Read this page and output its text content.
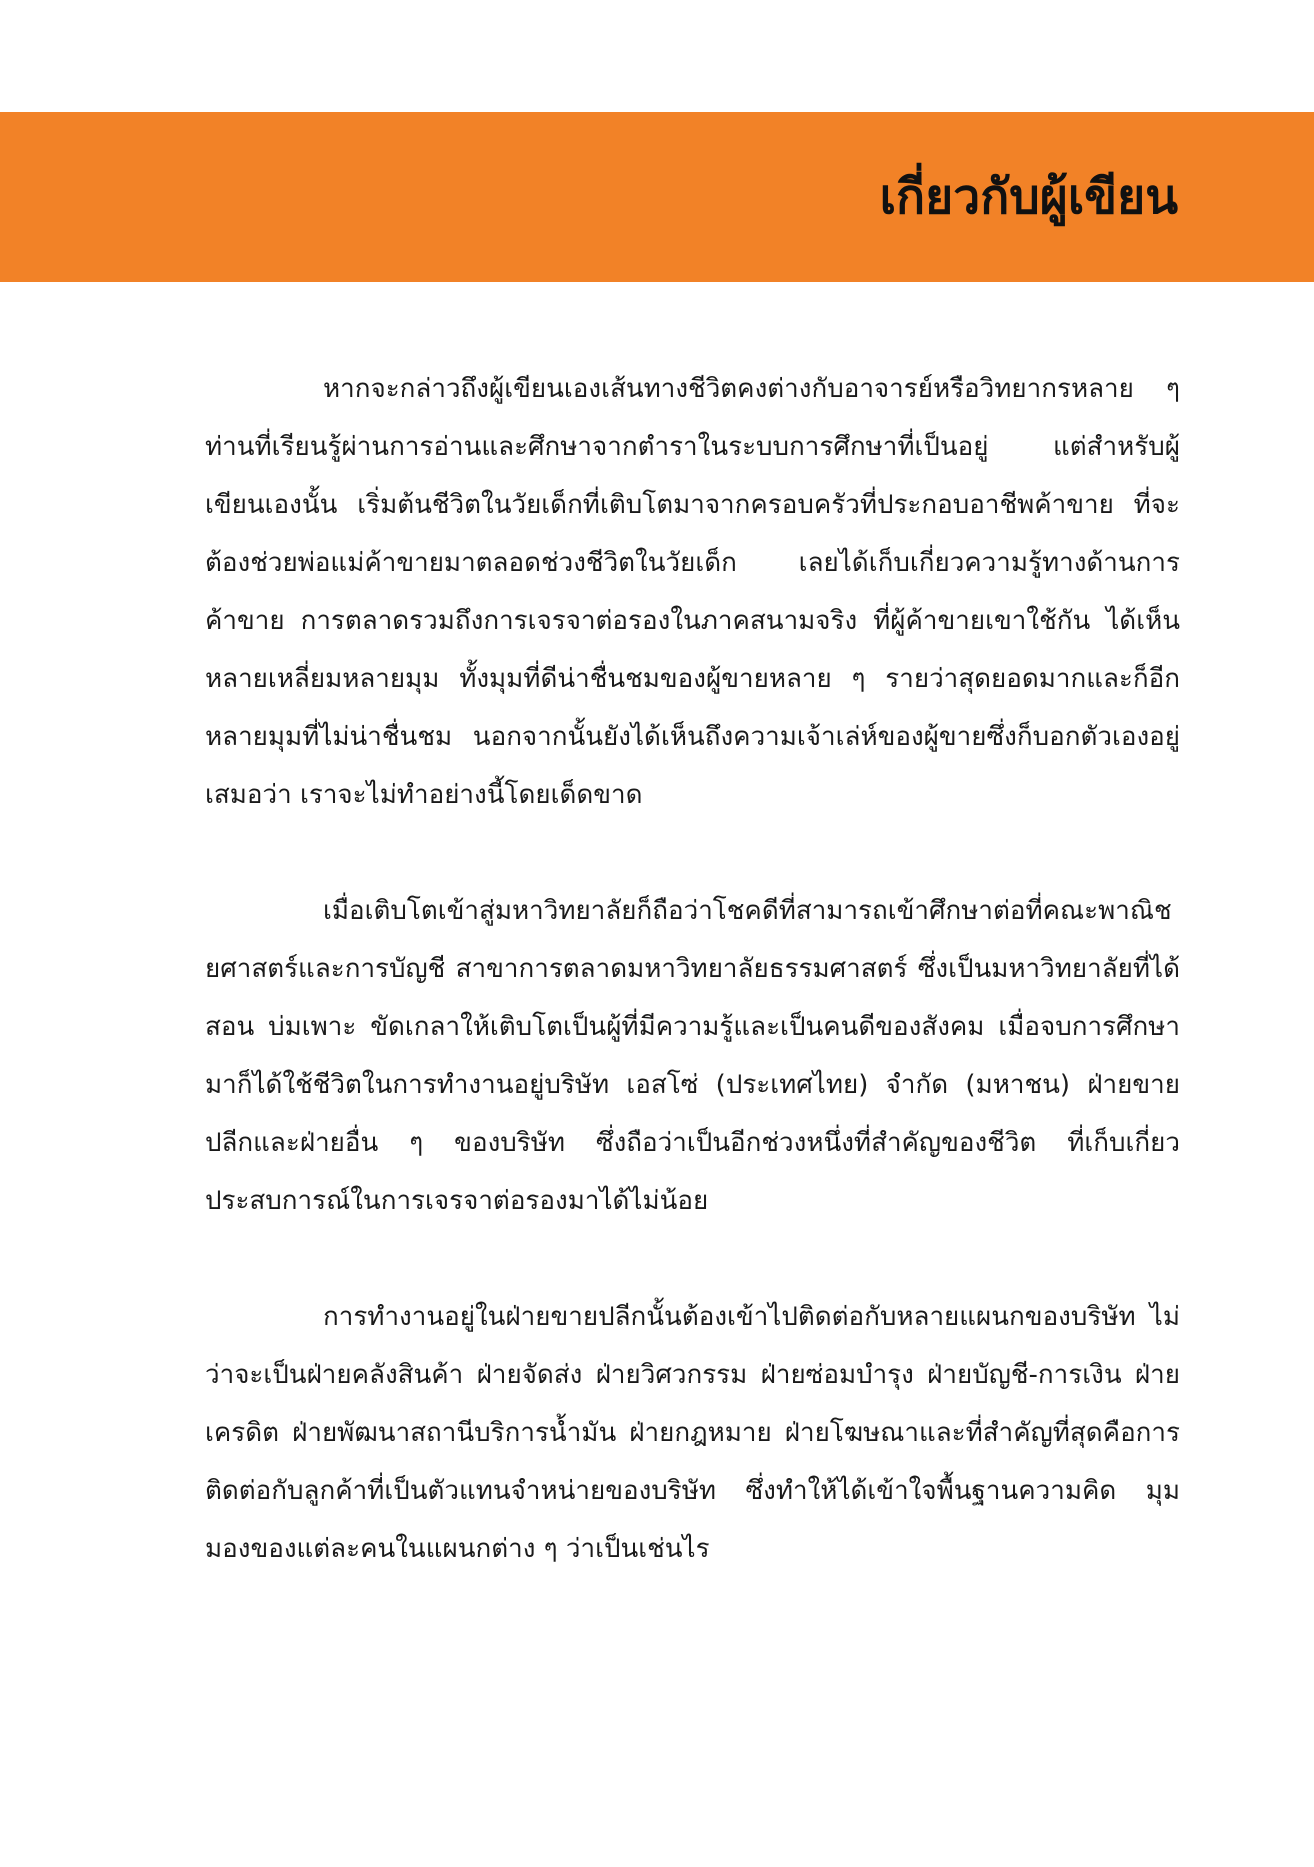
เกี่ยวกับผู้เขียน

หากจะกล่าวถึงผู้เขียนเองเส้นทางชีวิตคงต่างกับอาจารย์หรือวิทยากรหลาย ๆ ท่านที่เรียนรู้ผ่านการอ่านและศึกษาจากตำราในระบบการศึกษาที่เป็นอยู่ แต่สำหรับผู้เขียนเองนั้น เริ่มต้นชีวิตในวัยเด็กที่เติบโตมาจากครอบครัวที่ประกอบอาชีพค้าขาย ที่จะต้องช่วยพ่อแม่ค้าขายมาตลอดช่วงชีวิตในวัยเด็ก เลยได้เก็บเกี่ยวความรู้ทางด้านการค้าขาย การตลาดรวมถึงการเจรจาต่อรองในภาคสนามจริง ที่ผู้ค้าขายเขาใช้กัน ได้เห็นหลายเหลี่ยมหลายมุม ทั้งมุมที่ดีน่าชื่นชมของผู้ขายหลาย ๆ รายว่าสุดยอดมากและก็อีกหลายมุมที่ไม่น่าชื่นชม นอกจากนั้นยังได้เห็นถึงความเจ้าเล่ห์ของผู้ขายซึ่งก็บอกตัวเองอยู่เสมอว่า เราจะไม่ทำอย่างนี้โดยเด็ดขาด

เมื่อเติบโตเข้าสู่มหาวิทยาลัยก็ถือว่าโชคดีที่สามารถเข้าศึกษาต่อที่คณะพาณิชยศาสตร์และการบัญชี สาขาการตลาดมหาวิทยาลัยธรรมศาสตร์ ซึ่งเป็นมหาวิทยาลัยที่ได้สอน บ่มเพาะ ขัดเกลาให้เติบโตเป็นผู้ที่มีความรู้และเป็นคนดีของสังคม เมื่อจบการศึกษามาก็ได้ใช้ชีวิตในการทำงานอยู่บริษัท เอสโซ่ (ประเทศไทย) จำกัด (มหาชน) ฝ่ายขายปลีกและฝ่ายอื่น ๆ ของบริษัท ซึ่งถือว่าเป็นอีกช่วงหนึ่งที่สำคัญของชีวิต ที่เก็บเกี่ยวประสบการณ์ในการเจรจาต่อรองมาได้ไม่น้อย

การทำงานอยู่ในฝ่ายขายปลีกนั้นต้องเข้าไปติดต่อกับหลายแผนกของบริษัท ไม่ว่าจะเป็นฝ่ายคลังสินค้า ฝ่ายจัดส่ง ฝ่ายวิศวกรรม ฝ่ายซ่อมบำรุง ฝ่ายบัญชี-การเงิน ฝ่ายเครดิต ฝ่ายพัฒนาสถานีบริการน้ำมัน ฝ่ายกฎหมาย ฝ่ายโฆษณาและที่สำคัญที่สุดคือการติดต่อกับลูกค้าที่เป็นตัวแทนจำหน่ายของบริษัท ซึ่งทำให้ได้เข้าใจพื้นฐานความคิด มุมมองของแต่ละคนในแผนกต่าง ๆ ว่าเป็นเช่นไร
